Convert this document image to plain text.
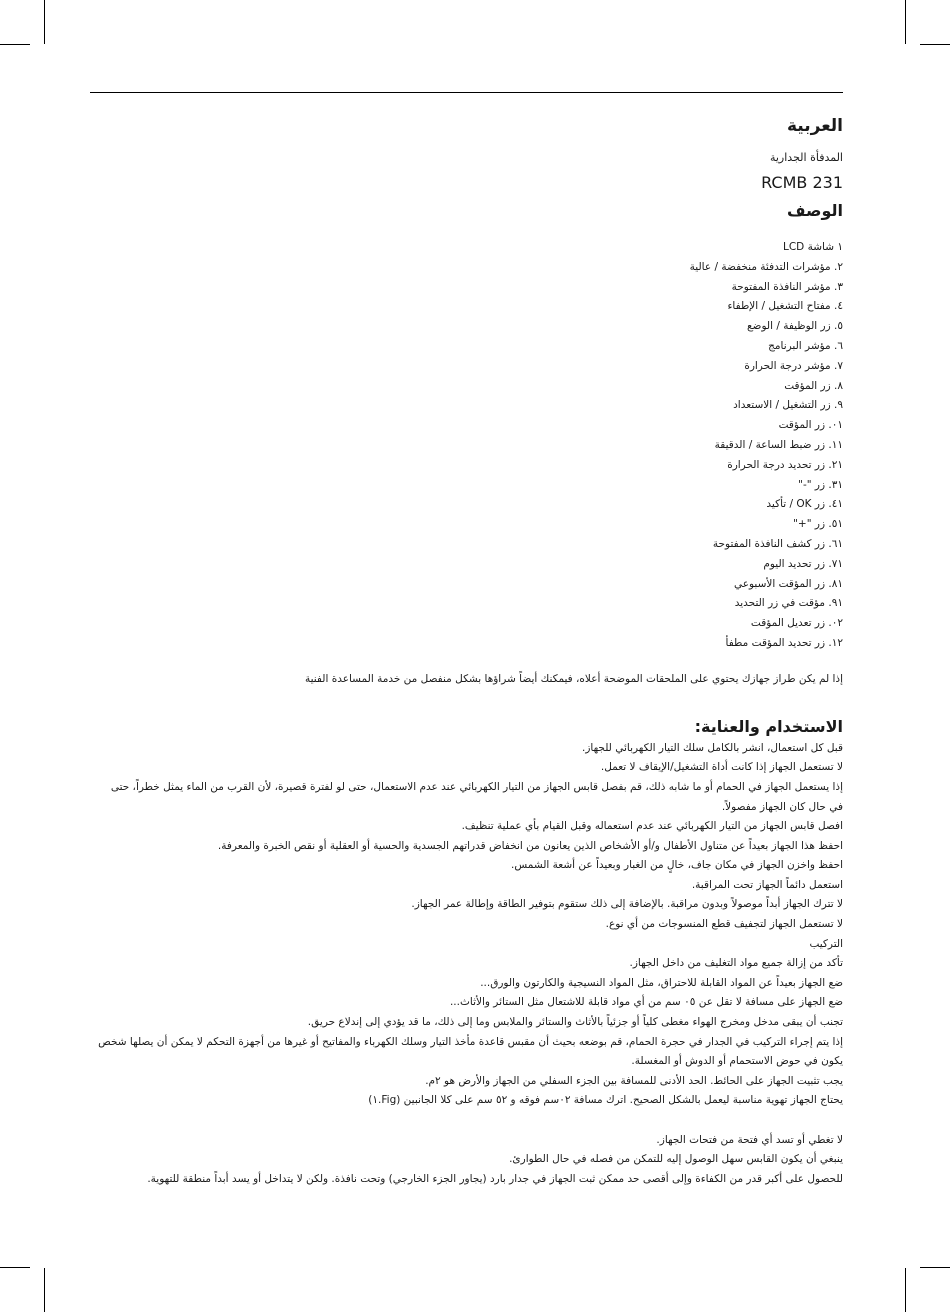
العربية

المدفأة الجدارية

RCMB 231

الوصف
١ شاشة LCD
٢. مؤشرات التدفئة منخفضة / عالية
٣. مؤشر النافذة المفتوحة
٤. مفتاح التشغيل / الإطفاء
٥. زر الوظيفة / الوضع
٦. مؤشر البرنامج
٧. مؤشر درجة الحرارة
٨. زر المؤقت
٩. زر التشغيل / الاستعداد
٠١. زر المؤقت
١١. زر ضبط الساعة / الدقيقة
٢١. زر تحديد درجة الحرارة
٣١. زر "-"
٤١. زر OK / تأكيد
٥١. زر "+"
٦١. زر كشف النافذة المفتوحة
٧١. زر تحديد اليوم
٨١. زر المؤقت الأسبوعي
٩١. مؤقت في زر التحديد
٠٢. زر تعديل المؤقت
١٢. زر تحديد المؤقت مطفأ

إذا لم يكن طراز جهازك يحتوي على الملحقات الموضحة أعلاه، فيمكنك أيضاً شراؤها بشكل منفصل من خدمة المساعدة الفنية

الاستخدام والعناية:

قبل كل استعمال، انشر بالكامل سلك التيار الكهربائي للجهاز.

لا تستعمل الجهاز إذا كانت أداة التشغيل/الإيقاف لا تعمل.

إذا يستعمل الجهاز في الحمام أو ما شابه ذلك، قم بفصل قابس الجهاز من التيار الكهربائي عند عدم الاستعمال، حتى لو لفترة قصيرة، لأن القرب من الماء يمثل خطراً، حتى في حال كان الجهاز مفصولاً.

افصل قابس الجهاز من التيار الكهربائي عند عدم استعماله وقبل القيام بأي عملية تنظيف.

احفظ هذا الجهاز بعيداً عن متناول الأطفال و/أو الأشخاص الذين يعانون من انخفاض قدراتهم الجسدية والحسية أو العقلية أو نقص الخبرة والمعرفة.

احفظ واخزن الجهاز في مكان جاف، خالٍ من الغبار وبعيداً عن أشعة الشمس.

استعمل دائماً الجهاز تحت المراقبة.

لا تترك الجهاز أبداً موصولاً وبدون مراقبة. بالإضافة إلى ذلك ستقوم بتوفير الطاقة وإطالة عمر الجهاز.

لا تستعمل الجهاز لتجفيف قطع المنسوجات من أي نوع.

التركيب

تأكد من إزالة جميع مواد التغليف من داخل الجهاز.

ضع الجهاز بعيداً عن المواد القابلة للاحتراق، مثل المواد النسيجية والكارتون والورق...

ضع الجهاز على مسافة لا تقل عن ٠٥ سم من أي مواد قابلة للاشتعال مثل الستائر والأثاث...

تجنب أن يبقى مدخل ومخرج الهواء مغطى كلياً أو جزئياً بالأثاث والستائر والملابس وما إلى ذلك، ما قد يؤدي إلى إندلاع حريق.

إذا يتم إجراء التركيب في الجدار في حجرة الحمام، قم بوضعه بحيث أن مقبس قاعدة مأخذ التيار وسلك الكهرباء والمفاتيح أو غيرها من أجهزة التحكم لا يمكن أن يصلها شخص يكون في حوض الاستحمام أو الدوش أو المغسلة.

يجب تثبيت الجهاز على الحائط. الحد الأدنى للمسافة بين الجزء السفلي من الجهاز والأرض هو ٢م.

يحتاج الجهاز تهوية مناسبة ليعمل بالشكل الصحيح. اترك مسافة ٠٢سم فوقه و ٥٢ سم على كلا الجانبين (Fig.١)

لا تغطي أو تسد أي فتحة من فتحات الجهاز.

ينبغي أن يكون القابس سهل الوصول إليه للتمكن من فصله في حال الطوارئ.

للحصول على أكبر قدر من الكفاءة وإلى أقصى حد ممكن ثبت الجهاز في جدار بارد (يجاور الجزء الخارجي) وتحت نافذة. ولكن لا يتداخل أو يسد أبداً منطقة للتهوية.
